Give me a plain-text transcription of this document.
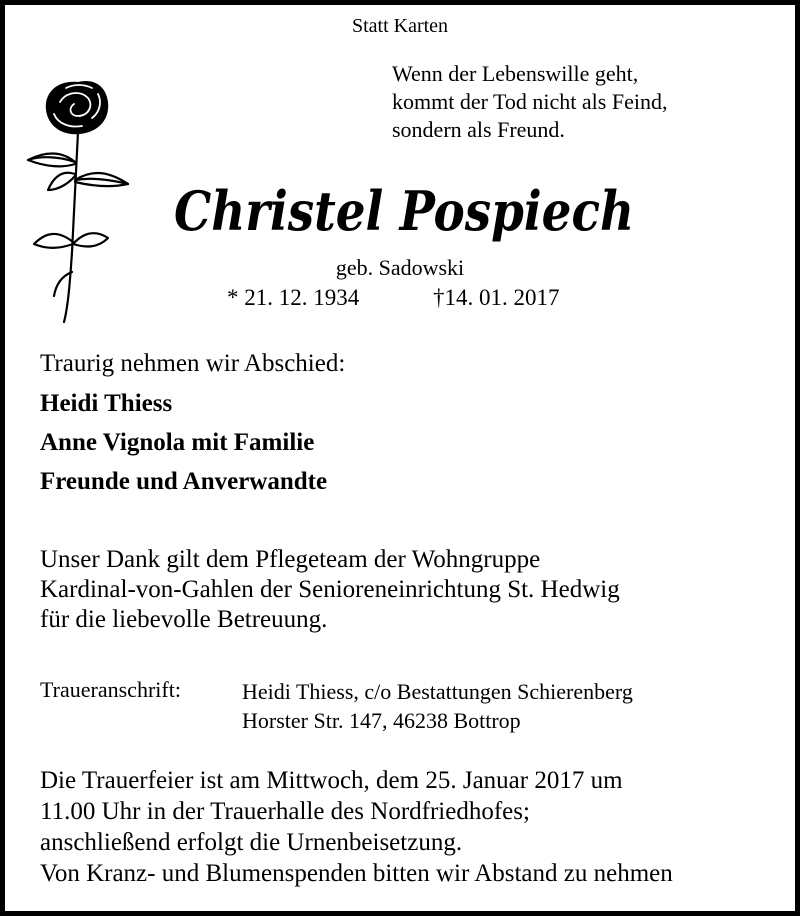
Statt Karten
Wenn der Lebenswille geht,
kommt der Tod nicht als Feind,
sondern als Freund.
Christel Pospiech
geb. Sadowski
* 21. 12. 1934	†14. 01. 2017
Traurig nehmen wir Abschied:
Heidi Thiess
Anne Vignola mit Familie
Freunde und Anverwandte
Unser Dank gilt dem Pflegeteam der Wohngruppe
Kardinal-von-Gahlen der Senioreneinrichtung St. Hedwig
für die liebevolle Betreuung.
Traueranschrift:	Heidi Thiess, c/o Bestattungen Schierenberg
Horster Str. 147, 46238 Bottrop
Die Trauerfeier ist am Mittwoch, dem 25. Januar 2017 um
11.00 Uhr in der Trauerhalle des Nordfriedhofes;
anschließend erfolgt die Urnenbeisetzung.
Von Kranz- und Blumenspenden bitten wir Abstand zu nehmen
